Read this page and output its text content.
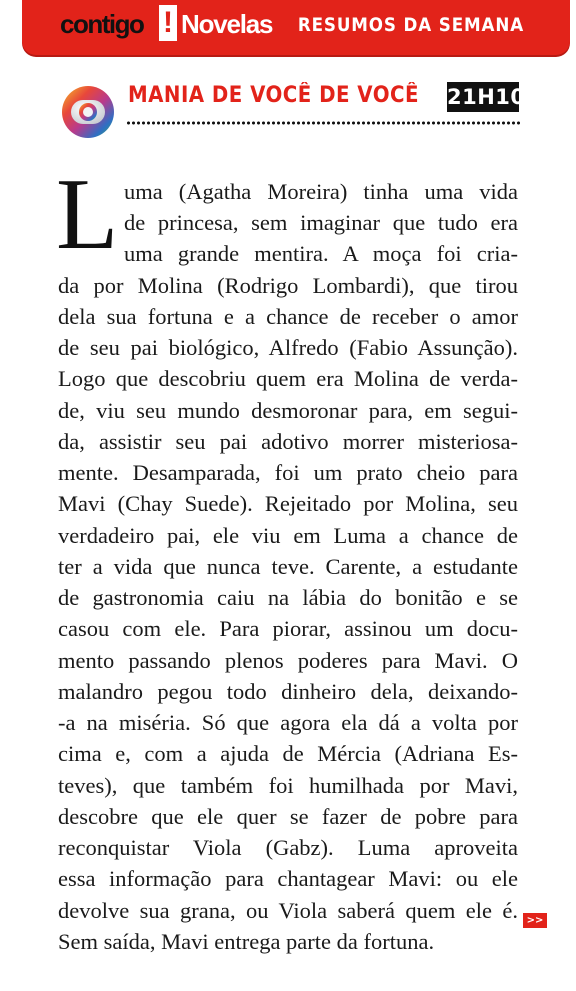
contigo ! Novelas RESUMOS DA SEMANA
MANIA DE VOCÊ DE VOCÊ 21H10
L uma (Agatha Moreira) tinha uma vida
de princesa, sem imaginar que tudo era
uma grande mentira. A moça foi cria-
da por Molina (Rodrigo Lombardi), que tirou
dela sua fortuna e a chance de receber o amor
de seu pai biológico, Alfredo (Fabio Assunção).
Logo que descobriu quem era Molina de verda-
de, viu seu mundo desmoronar para, em segui-
da, assistir seu pai adotivo morrer misteriosa-
mente. Desamparada, foi um prato cheio para
Mavi (Chay Suede). Rejeitado por Molina, seu
verdadeiro pai, ele viu em Luma a chance de
ter a vida que nunca teve. Carente, a estudante
de gastronomia caiu na lábia do bonitão e se
casou com ele. Para piorar, assinou um docu-
mento passando plenos poderes para Mavi. O
malandro pegou todo dinheiro dela, deixando-
-a na miséria. Só que agora ela dá a volta por
cima e, com a ajuda de Mércia (Adriana Es-
teves), que também foi humilhada por Mavi,
descobre que ele quer se fazer de pobre para
reconquistar Viola (Gabz). Luma aproveita
essa informação para chantagear Mavi: ou ele
devolve sua grana, ou Viola saberá quem ele é.
Sem saída, Mavi entrega parte da fortuna.
>>
